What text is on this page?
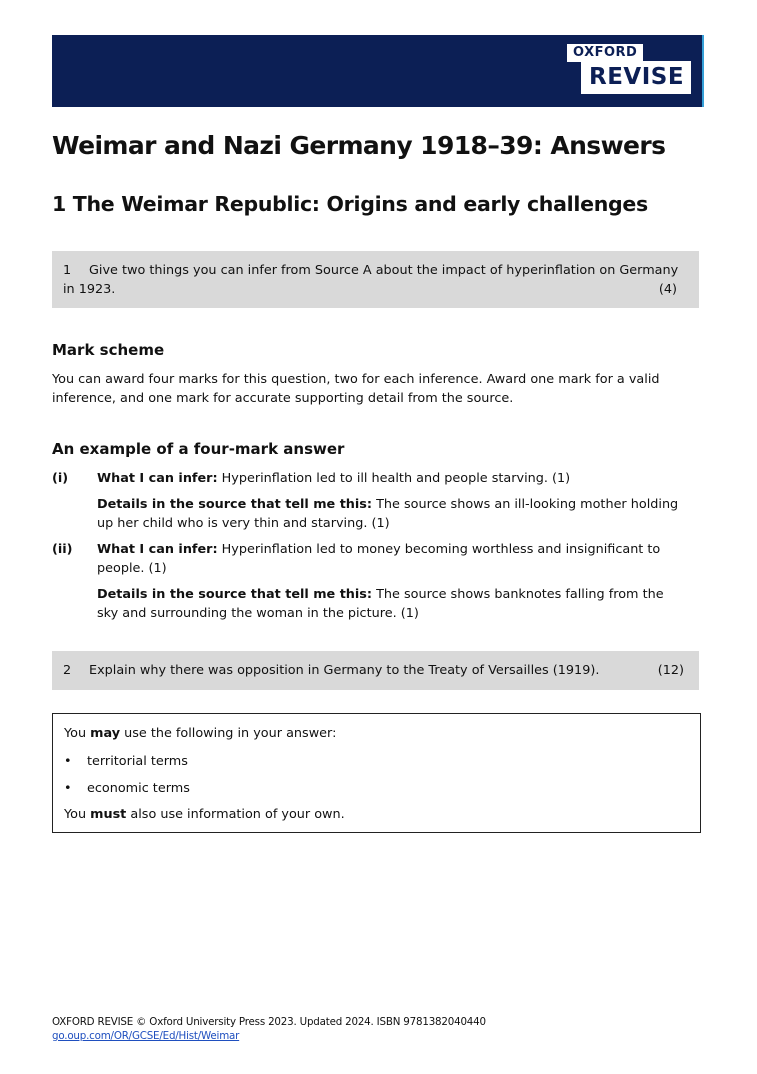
OXFORD
REVISE
Weimar and Nazi Germany 1918–39: Answers
1 The Weimar Republic: Origins and early challenges
1 Give two things you can infer from Source A about the impact of hyperinflation on Germany in 1923.	(4)
Mark scheme

You can award four marks for this question, two for each inference. Award one mark for a valid inference, and one mark for accurate supporting detail from the source.

An example of a four-mark answer
(i) What I can infer: Hyperinflation led to ill health and people starving. (1)
Details in the source that tell me this: The source shows an ill-looking mother holding up her child who is very thin and starving. (1)
(ii) What I can infer: Hyperinflation led to money becoming worthless and insignificant to people. (1)
Details in the source that tell me this: The source shows banknotes falling from the sky and surrounding the woman in the picture. (1)
2 Explain why there was opposition in Germany to the Treaty of Versailles (1919).	(12)
You may use the following in your answer:
• territorial terms
• economic terms
You must also use information of your own.
OXFORD REVISE © Oxford University Press 2023. Updated 2024. ISBN 9781382040440
go.oup.com/OR/GCSE/Ed/Hist/Weimar
